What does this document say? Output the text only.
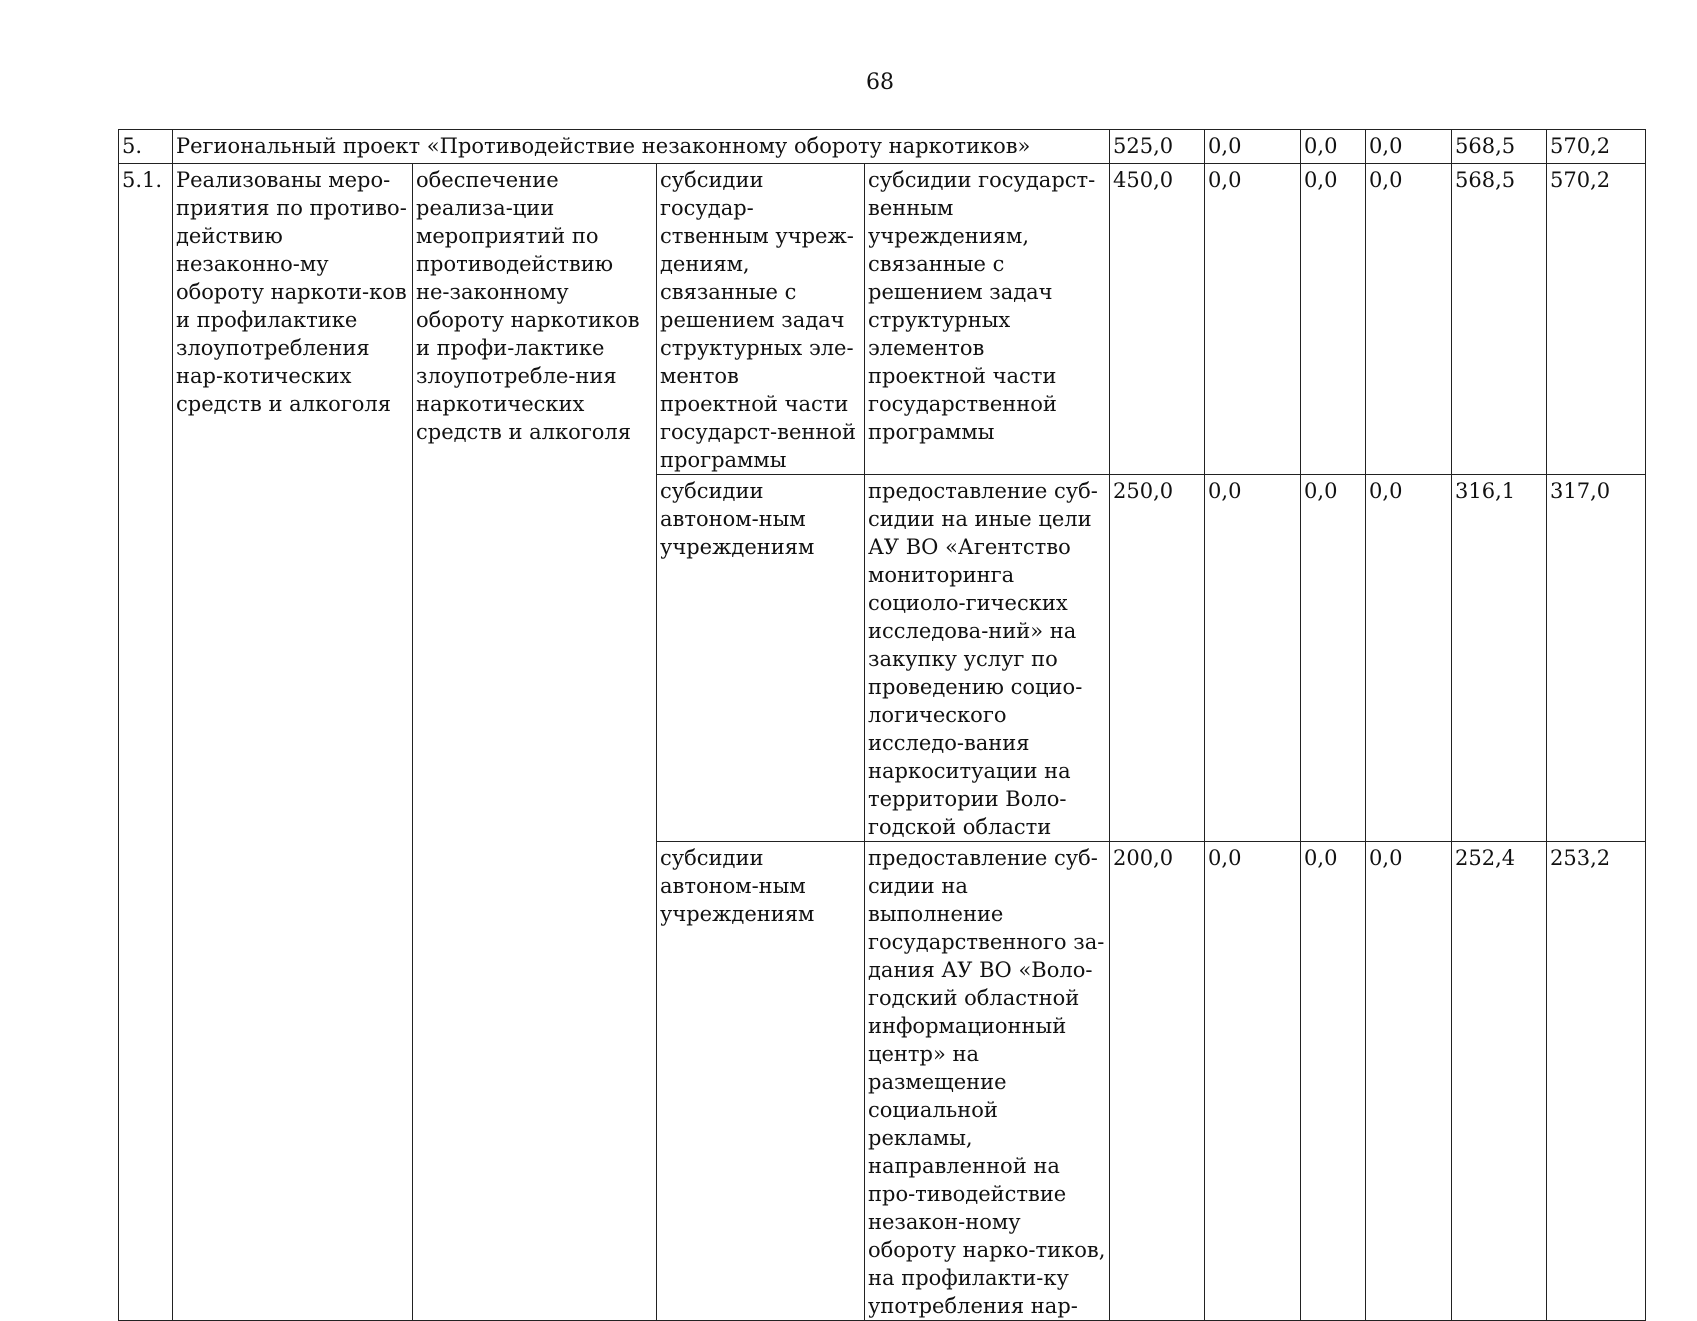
68
5.	Региональный проект «Противодействие незаконному обороту наркотиков»				525,0	0,0	0,0	0,0	568,5	570,2
5.1.	Реализованы меро-приятия по противо-действию незаконно-му обороту наркоти-ков и профилактике злоупотребления нар-котических средств и алкоголя	обеспечение реализа-ции мероприятий по противодействию не-законному обороту наркотиков и профи-лактике злоупотребле-ния наркотических средств и алкоголя	субсидии государ-ственным учреж-дениям, связанные с решением задач структурных эле-ментов проектной части государст-венной программы	субсидии государст-венным учреждениям, связанные с решением задач структурных элементов проектной части государственной программы	450,0	0,0	0,0	0,0	568,5	570,2
			субсидии автоном-ным учреждениям	предоставление суб-сидии на иные цели АУ ВО «Агентство мониторинга социоло-гических исследова-ний» на закупку услуг по проведению социо-логического исследо-вания наркоситуации на территории Воло-годской области	250,0	0,0	0,0	0,0	316,1	317,0
			субсидии автоном-ным учреждениям	предоставление суб-сидии на выполнение государственного за-дания АУ ВО «Воло-годский областной информационный центр» на размещение социальной рекламы, направленной на про-тиводействие незакон-ному обороту нарко-тиков, на профилакти-ку употребления нар-	200,0	0,0	0,0	0,0	252,4	253,2
